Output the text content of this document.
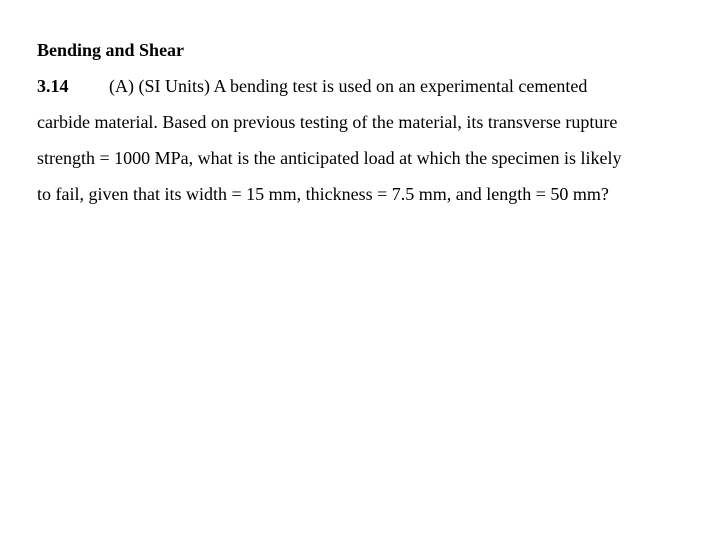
Bending and Shear
3.14 (A) (SI Units) A bending test is used on an experimental cemented
carbide material. Based on previous testing of the material, its transverse rupture
strength = 1000 MPa, what is the anticipated load at which the specimen is likely
to fail, given that its width = 15 mm, thickness = 7.5 mm, and length = 50 mm?
